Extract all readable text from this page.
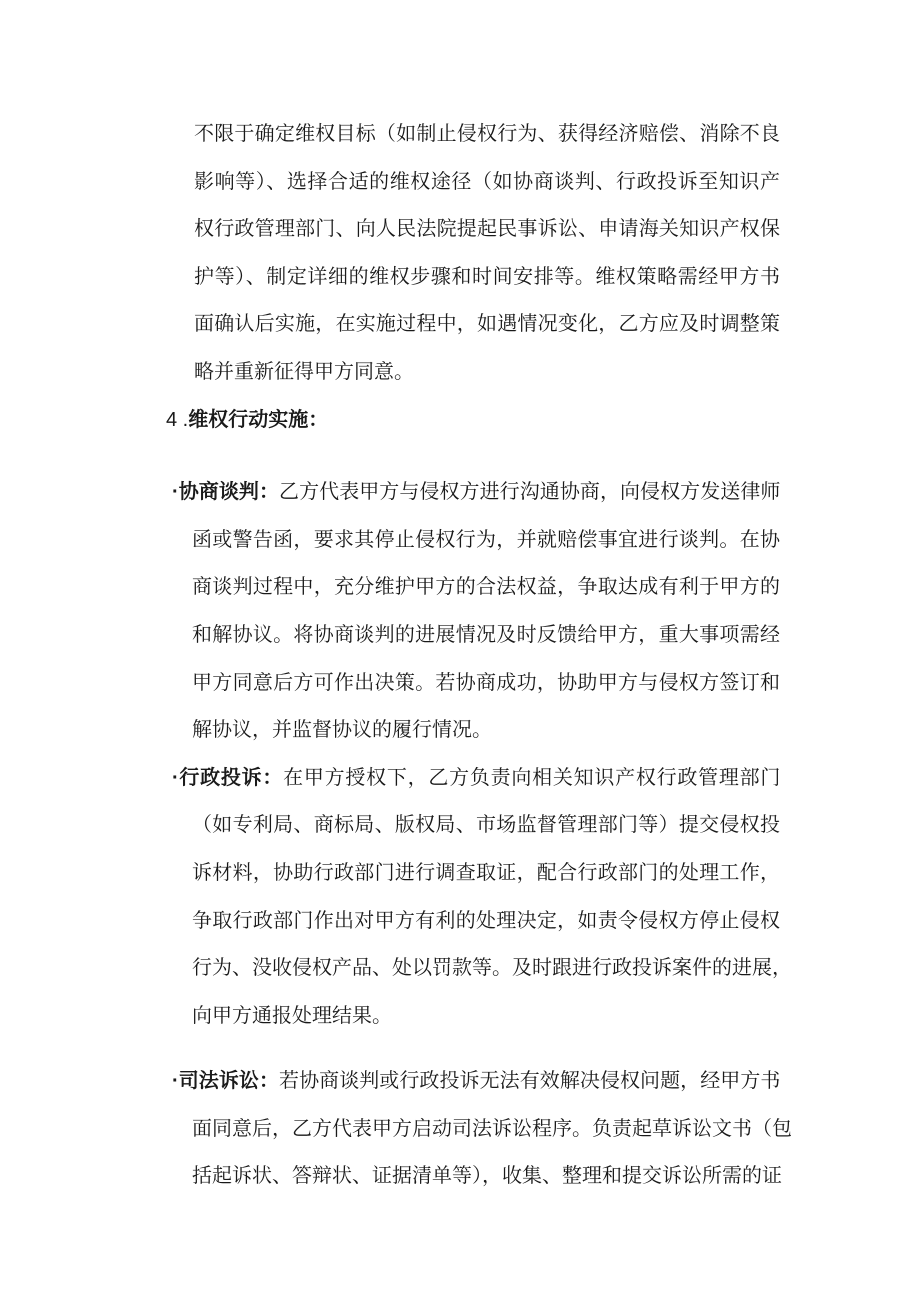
不限于确定维权目标（如制止侵权行为、获得经济赔偿、消除不良
影响等）、选择合适的维权途径（如协商谈判、行政投诉至知识产
权行政管理部门、向人民法院提起民事诉讼、申请海关知识产权保
护等）、制定详细的维权步骤和时间安排等。维权策略需经甲方书
面确认后实施，在实施过程中，如遇情况变化，乙方应及时调整策
略并重新征得甲方同意。
4 .维权行动实施：
·协商谈判：乙方代表甲方与侵权方进行沟通协商，向侵权方发送律师
函或警告函，要求其停止侵权行为，并就赔偿事宜进行谈判。在协
商谈判过程中，充分维护甲方的合法权益，争取达成有利于甲方的
和解协议。将协商谈判的进展情况及时反馈给甲方，重大事项需经
甲方同意后方可作出决策。若协商成功，协助甲方与侵权方签订和
解协议，并监督协议的履行情况。
·行政投诉：在甲方授权下，乙方负责向相关知识产权行政管理部门
（如专利局、商标局、版权局、市场监督管理部门等）提交侵权投
诉材料，协助行政部门进行调查取证，配合行政部门的处理工作，
争取行政部门作出对甲方有利的处理决定，如责令侵权方停止侵权
行为、没收侵权产品、处以罚款等。及时跟进行政投诉案件的进展，
向甲方通报处理结果。
·司法诉讼：若协商谈判或行政投诉无法有效解决侵权问题，经甲方书
面同意后，乙方代表甲方启动司法诉讼程序。负责起草诉讼文书（包
括起诉状、答辩状、证据清单等），收集、整理和提交诉讼所需的证
